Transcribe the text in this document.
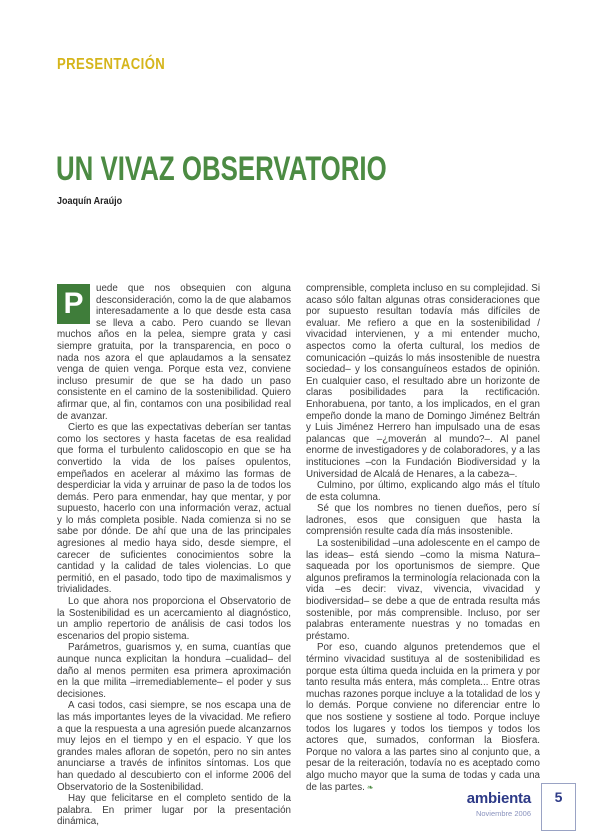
PRESENTACIÓN
UN VIVAZ OBSERVATORIO
Joaquín Araújo

P	uede que nos obsequien con alguna desconsideración, como la de que alabamos interesadamente a lo que desde esta casa se lleva a cabo. Pero cuando se llevan muchos años en la pelea, siempre grata y casi siempre gratuita, por la transparencia, en poco o nada nos azora el que aplaudamos a la sensatez venga de quien venga. Porque esta vez, conviene incluso presumir de que se ha dado un paso consistente en el camino de la sostenibilidad. Quiero afirmar que, al fin, contamos con una posibilidad real de avanzar.

Cierto es que las expectativas deberían ser tantas como los sectores y hasta facetas de esa realidad que forma el turbulento calidoscopio en que se ha convertido la vida de los países opulentos, empeñados en acelerar al máximo las formas de desperdiciar la vida y arruinar de paso la de todos los demás. Pero para enmendar, hay que mentar, y por supuesto, hacerlo con una información veraz, actual y lo más completa posible. Nada comienza si no se sabe por dónde. De ahí que una de las principales agresiones al medio haya sido, desde siempre, el carecer de suficientes conocimientos sobre la cantidad y la calidad de tales violencias. Lo que permitió, en el pasado, todo tipo de maximalismos y trivialidades.

Lo que ahora nos proporciona el Observatorio de la Sostenibilidad es un acercamiento al diagnóstico, un amplio repertorio de análisis de casi todos los escenarios del propio sistema.

Parámetros, guarismos y, en suma, cuantías que aunque nunca explicitan la hondura –cualidad– del daño al menos permiten esa primera aproximación en la que milita –irremediablemente– el poder y sus decisiones.

A casi todos, casi siempre, se nos escapa una de las más importantes leyes de la vivacidad. Me refiero a que la respuesta a una agresión puede alcanzarnos muy lejos en el tiempo y en el espacio. Y que los grandes males afloran de sopetón, pero no sin antes anunciarse a través de infinitos síntomas. Los que han quedado al descubierto con el informe 2006 del Observatorio de la Sostenibilidad.

Hay que felicitarse en el completo sentido de la palabra. En primer lugar por la presentación dinámica,

comprensible, completa incluso en su complejidad. Si acaso sólo faltan algunas otras consideraciones que por supuesto resultan todavía más difíciles de evaluar. Me refiero a que en la sostenibilidad / vivacidad intervienen, y a mi entender mucho, aspectos como la oferta cultural, los medios de comunicación –quizás lo más insostenible de nuestra sociedad– y los consanguíneos estados de opinión. En cualquier caso, el resultado abre un horizonte de claras posibilidades para la rectificación. Enhorabuena, por tanto, a los implicados, en el gran empeño donde la mano de Domingo Jiménez Beltrán y Luis Jiménez Herrero han impulsado una de esas palancas que –¿moverán al mundo?–. Al panel enorme de investigadores y de colaboradores, y a las instituciones –con la Fundación Biodiversidad y la Universidad de Alcalá de Henares, a la cabeza–.

Culmino, por último, explicando algo más el título de esta columna.

Sé que los nombres no tienen dueños, pero sí ladrones, esos que consiguen que hasta la comprensión resulte cada día más insostenible.

La sostenibilidad –una adolescente en el campo de las ideas– está siendo –como la misma Natura– saqueada por los oportunismos de siempre. Que algunos prefiramos la terminología relacionada con la vida –es decir: vivaz, vivencia, vivacidad y biodiversidad– se debe a que de entrada resulta más sostenible, por más comprensible. Incluso, por ser palabras enteramente nuestras y no tomadas en préstamo.

Por eso, cuando algunos pretendemos que el término vivacidad sustituya al de sostenibilidad es porque esta última queda incluida en la primera y por tanto resulta más entera, más completa... Entre otras muchas razones porque incluye a la totalidad de los y lo demás. Porque conviene no diferenciar entre lo que nos sostiene y sostiene al todo. Porque incluye todos los lugares y todos los tiempos y todos los actores que, sumados, conforman la Biosfera. Porque no valora a las partes sino al conjunto que, a pesar de la reiteración, todavía no es aceptado como algo mucho mayor que la suma de todas y cada una de las partes. ❧

ambienta
Noviembre 2006
5
